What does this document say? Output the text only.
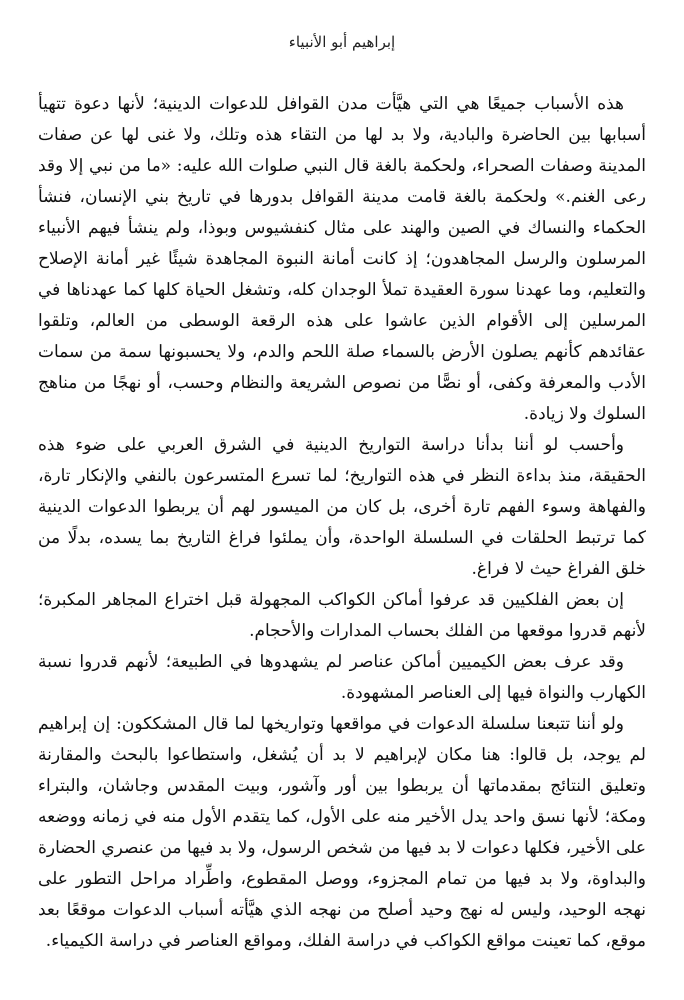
إبراهيم أبو الأنبياء

هذه الأسباب جميعًا هي التي هيَّأت مدن القوافل للدعوات الدينية؛ لأنها دعوة تتهيأ أسبابها بين الحاضرة والبادية، ولا بد لها من التقاء هذه وتلك، ولا غنى لها عن صفات المدينة وصفات الصحراء، ولحكمة بالغة قال النبي صلوات الله عليه: «ما من نبي إلا وقد رعى الغنم.» ولحكمة بالغة قامت مدينة القوافل بدورها في تاريخ بني الإنسان، فنشأ الحكماء والنساك في الصين والهند على مثال كنفشيوس وبوذا، ولم ينشأ فيهم الأنبياء المرسلون والرسل المجاهدون؛ إذ كانت أمانة النبوة المجاهدة شيئًا غير أمانة الإصلاح والتعليم، وما عهدنا سورة العقيدة تملأ الوجدان كله، وتشغل الحياة كلها كما عهدناها في المرسلين إلى الأقوام الذين عاشوا على هذه الرقعة الوسطى من العالم، وتلقوا عقائدهم كأنهم يصلون الأرض بالسماء صلة اللحم والدم، ولا يحسبونها سمة من سمات الأدب والمعرفة وكفى، أو نصًّا من نصوص الشريعة والنظام وحسب، أو نهجًا من مناهج السلوك ولا زيادة.

وأحسب لو أننا بدأنا دراسة التواريخ الدينية في الشرق العربي على ضوء هذه الحقيقة، منذ بداءة النظر في هذه التواريخ؛ لما تسرع المتسرعون بالنفي والإنكار تارة، والفهاهة وسوء الفهم تارة أخرى، بل كان من الميسور لهم أن يربطوا الدعوات الدينية كما ترتبط الحلقات في السلسلة الواحدة، وأن يملئوا فراغ التاريخ بما يسده، بدلًا من خلق الفراغ حيث لا فراغ.

إن بعض الفلكيين قد عرفوا أماكن الكواكب المجهولة قبل اختراع المجاهر المكبرة؛ لأنهم قدروا موقعها من الفلك بحساب المدارات والأحجام.

وقد عرف بعض الكيميين أماكن عناصر لم يشهدوها في الطبيعة؛ لأنهم قدروا نسبة الكهارب والنواة فيها إلى العناصر المشهودة.

ولو أننا تتبعنا سلسلة الدعوات في مواقعها وتواريخها لما قال المشككون: إن إبراهيم لم يوجد، بل قالوا: هنا مكان لإبراهيم لا بد أن يُشغل، واستطاعوا بالبحث والمقارنة وتعليق النتائج بمقدماتها أن يربطوا بين أور وآشور، وبيت المقدس وجاشان، والبتراء ومكة؛ لأنها نسق واحد يدل الأخير منه على الأول، كما يتقدم الأول منه في زمانه ووضعه على الأخير، فكلها دعوات لا بد فيها من شخص الرسول، ولا بد فيها من عنصري الحضارة والبداوة، ولا بد فيها من تمام المجزوء، ووصل المقطوع، واطِّراد مراحل التطور على نهجه الوحيد، وليس له نهج وحيد أصلح من نهجه الذي هيَّأته أسباب الدعوات موقعًا بعد موقع، كما تعينت مواقع الكواكب في دراسة الفلك، ومواقع العناصر في دراسة الكيمياء.
